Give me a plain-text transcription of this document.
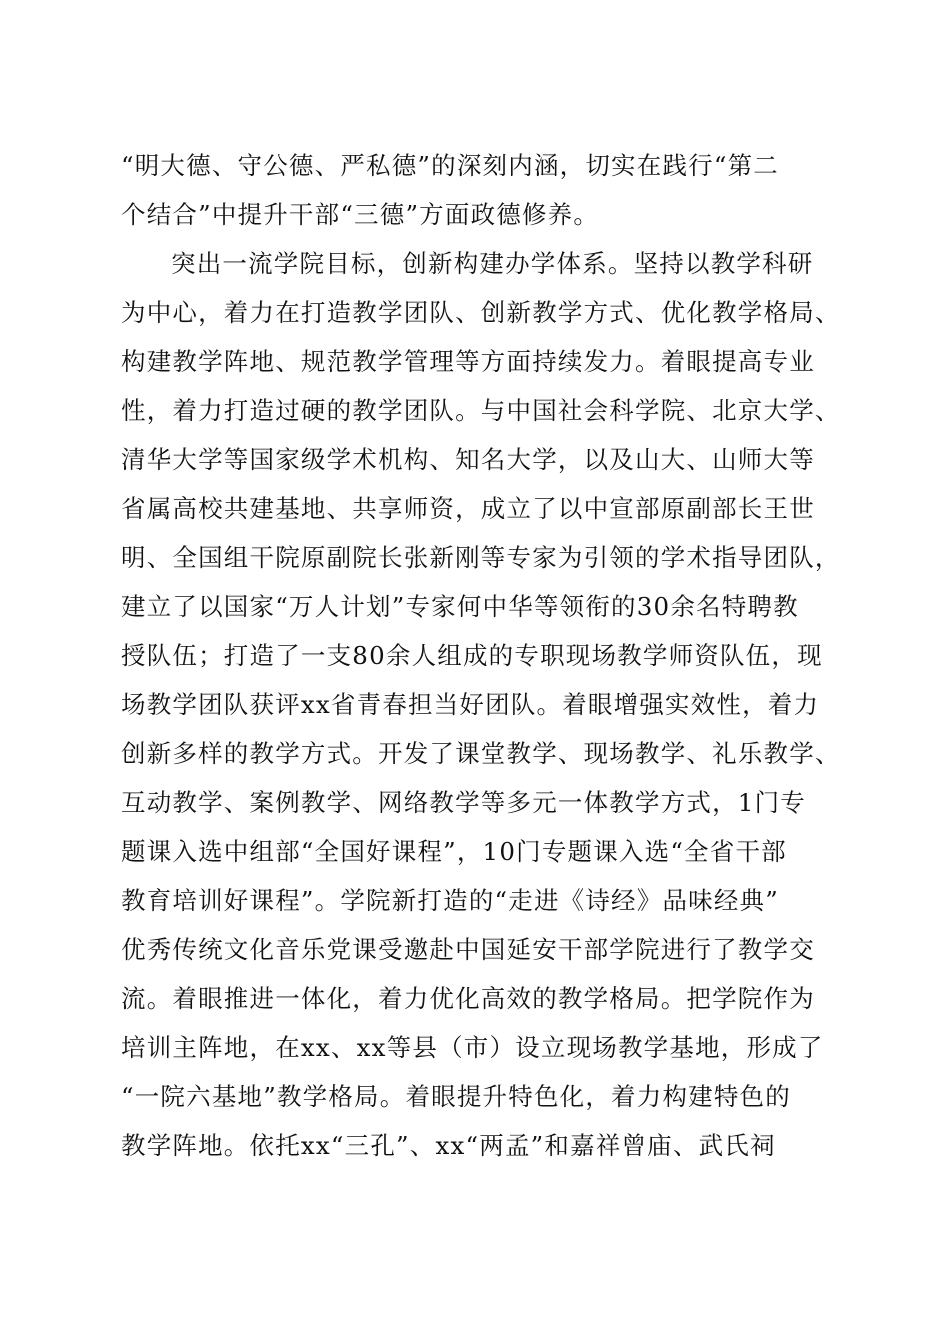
“明大德、守公德、严私德”的深刻内涵，切实在践行“第二
个结合”中提升干部“三德”方面政德修养。
突出一流学院目标，创新构建办学体系。坚持以教学科研
为中心，着力在打造教学团队、创新教学方式、优化教学格局、
构建教学阵地、规范教学管理等方面持续发力。着眼提高专业
性，着力打造过硬的教学团队。与中国社会科学院、北京大学、
清华大学等国家级学术机构、知名大学，以及山大、山师大等
省属高校共建基地、共享师资，成立了以中宣部原副部长王世
明、全国组干院原副院长张新刚等专家为引领的学术指导团队，
建立了以国家“万人计划”专家何中华等领衔的30余名特聘教
授队伍；打造了一支80余人组成的专职现场教学师资队伍，现
场教学团队获评xx省青春担当好团队。着眼增强实效性，着力
创新多样的教学方式。开发了课堂教学、现场教学、礼乐教学、
互动教学、案例教学、网络教学等多元一体教学方式，1门专
题课入选中组部“全国好课程”，10门专题课入选“全省干部
教育培训好课程”。学院新打造的“走进《诗经》品味经典”
优秀传统文化音乐党课受邀赴中国延安干部学院进行了教学交
流。着眼推进一体化，着力优化高效的教学格局。把学院作为
培训主阵地，在xx、xx等县（市）设立现场教学基地，形成了
“一院六基地”教学格局。着眼提升特色化，着力构建特色的
教学阵地。依托xx“三孔”、xx“两孟”和嘉祥曾庙、武氏祠
